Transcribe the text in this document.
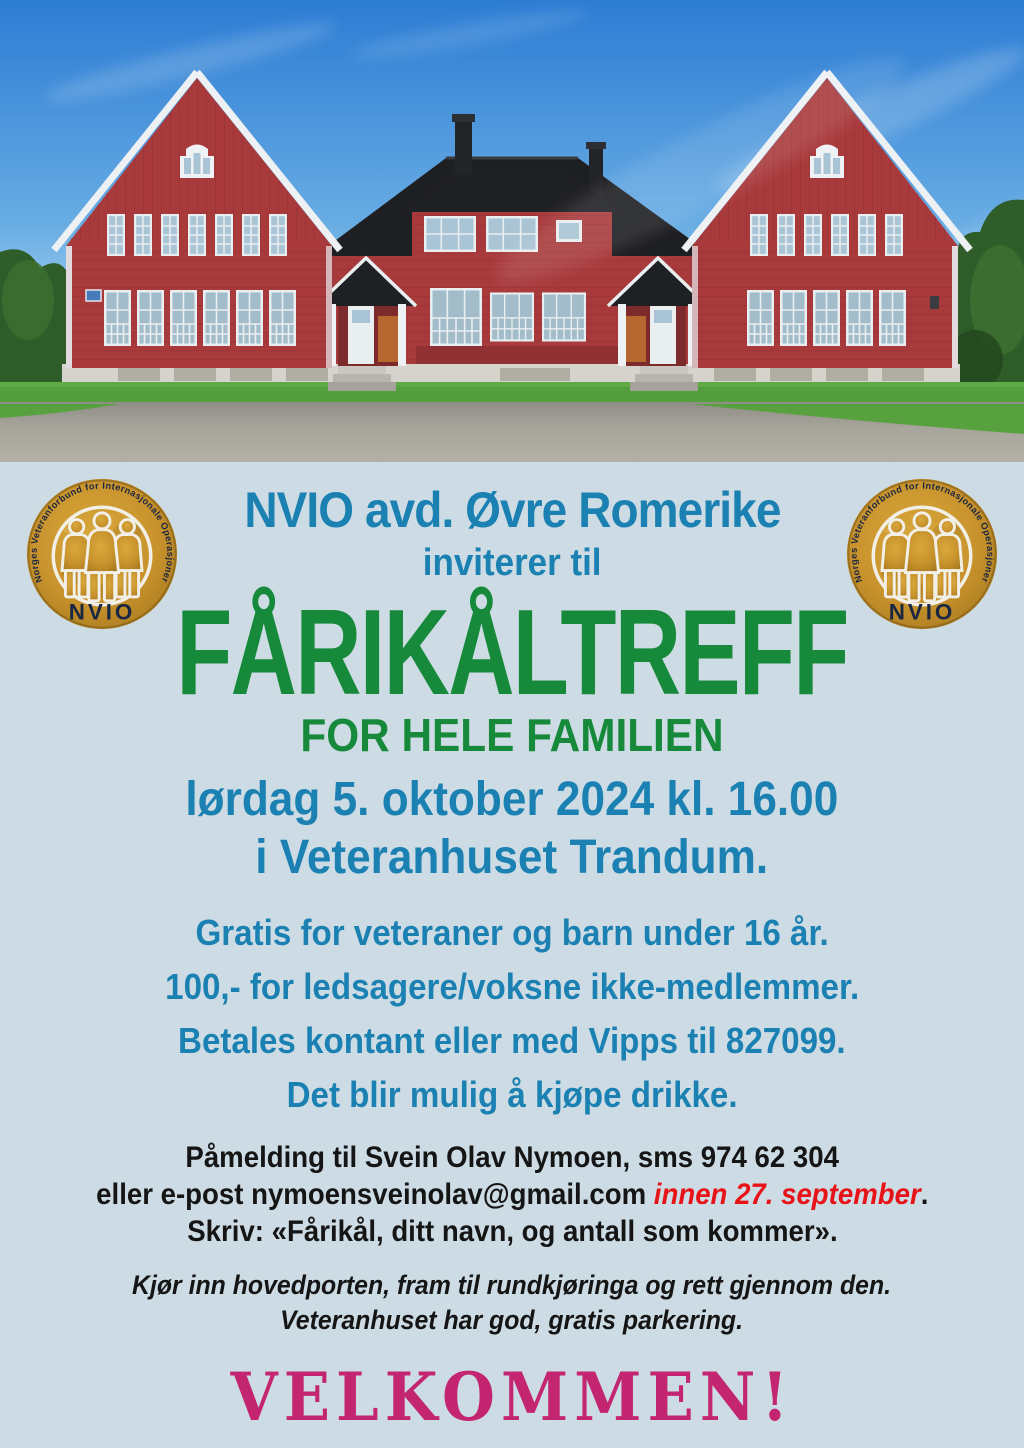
Norges Veteranforbund for Internasjonale Operasjoner
NVIO
Norges Veteranforbund for Internasjonale Operasjoner
NVIO
NVIO avd. Øvre Romerike
inviterer til
FÅRIKÅLTREFF
FOR HELE FAMILIEN
lørdag 5. oktober 2024 kl. 16.00
i Veteranhuset Trandum.
Gratis for veteraner og barn under 16 år.
100,- for ledsagere/voksne ikke-medlemmer.
Betales kontant eller med Vipps til 827099.
Det blir mulig å kjøpe drikke.
Påmelding til Svein Olav Nymoen, sms 974 62 304
eller e-post nymoensveinolav@gmail.com innen 27. september.
Skriv: «Fårikål, ditt navn, og antall som kommer».
Kjør inn hovedporten, fram til rundkjøringa og rett gjennom den.
Veteranhuset har god, gratis parkering.
VELKOMMEN!
